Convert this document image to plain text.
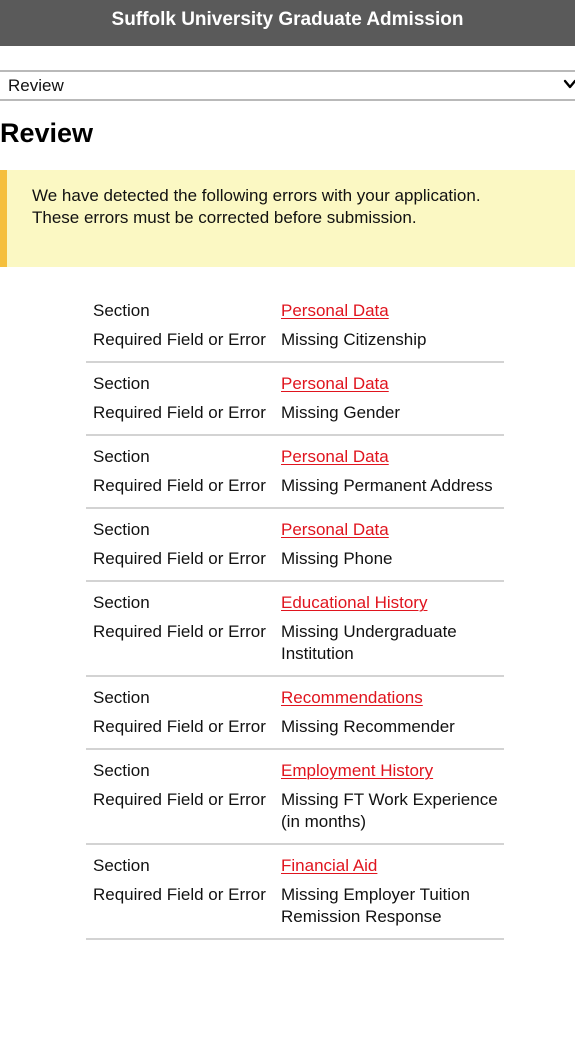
Suffolk University Graduate Admission
Review
Review
We have detected the following errors with your application.
These errors must be corrected before submission.
Section	Personal Data
Required Field or Error Missing Citizenship
Section	Personal Data
Required Field or Error Missing Gender
Section	Personal Data
Required Field or Error Missing Permanent Address
Section	Personal Data
Required Field or Error Missing Phone
Section	Educational History
Required Field or Error Missing Undergraduate Institution
Section	Recommendations
Required Field or Error Missing Recommender
Section	Employment History
Required Field or Error Missing FT Work Experience (in months)
Section	Financial Aid
Required Field or Error Missing Employer Tuition Remission Response
